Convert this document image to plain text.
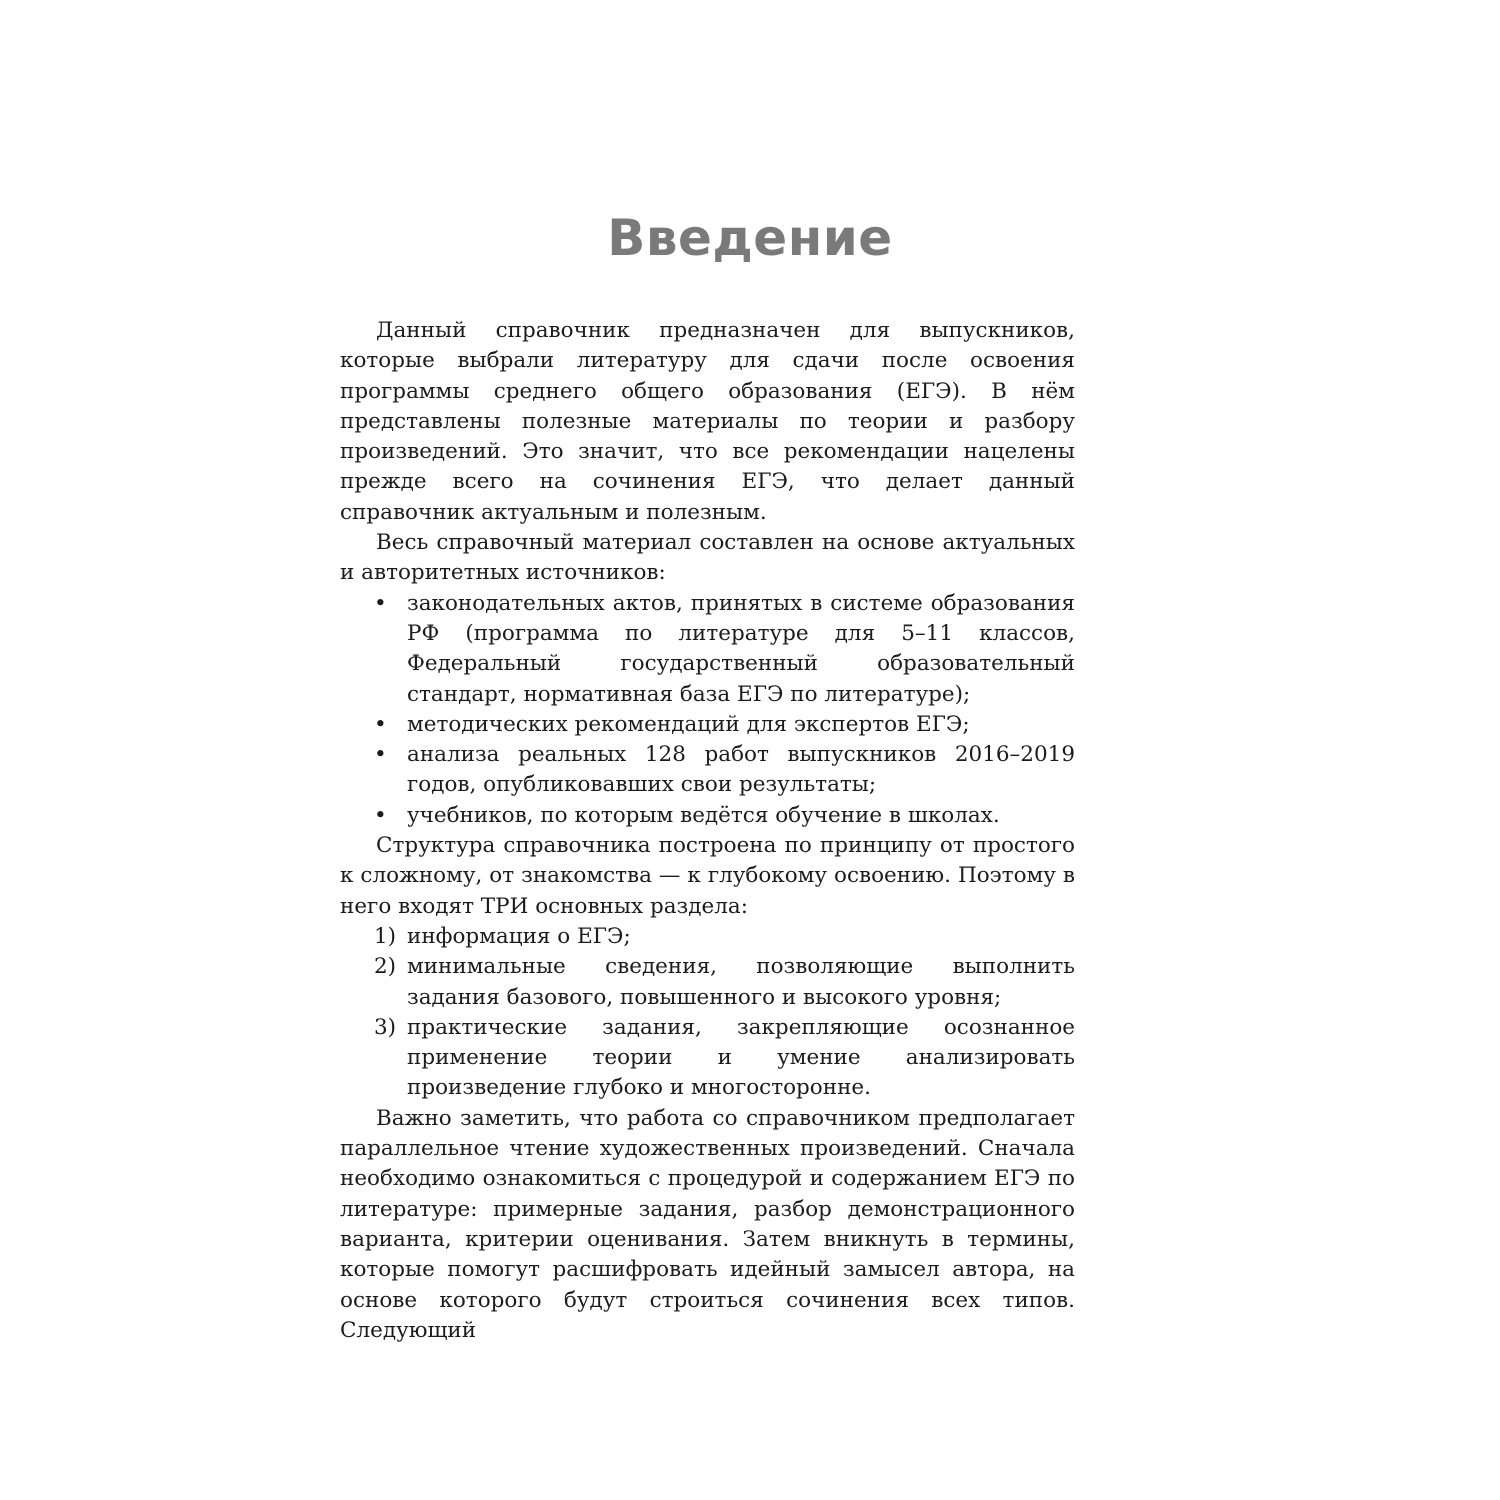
Введение

Данный справочник предназначен для выпускников, которые выбрали литературу для сдачи после освоения программы среднего общего образования (ЕГЭ). В нём представлены полезные материалы по теории и разбору произведений. Это значит, что все рекомендации нацелены прежде всего на сочинения ЕГЭ, что делает данный справочник актуальным и полезным.

Весь справочный материал составлен на основе актуальных и авторитетных источников:

• законодательных актов, принятых в системе образования РФ (программа по литературе для 5–11 классов, Федеральный государственный образовательный стандарт, нормативная база ЕГЭ по литературе);
• методических рекомендаций для экспертов ЕГЭ;
• анализа реальных 128 работ выпускников 2016–2019 годов, опубликовавших свои результаты;
• учебников, по которым ведётся обучение в школах.

Структура справочника построена по принципу от простого к сложному, от знакомства — к глубокому освоению. Поэтому в него входят ТРИ основных раздела:

1) информация о ЕГЭ;
2) минимальные сведения, позволяющие выполнить задания базового, повышенного и высокого уровня;
3) практические задания, закрепляющие осознанное применение теории и умение анализировать произведение глубоко и многосторонне.

Важно заметить, что работа со справочником предполагает параллельное чтение художественных произведений. Сначала необходимо ознакомиться с процедурой и содержанием ЕГЭ по литературе: примерные задания, разбор демонстрационного варианта, критерии оценивания. Затем вникнуть в термины, которые помогут расшифровать идейный замысел автора, на основе которого будут строиться сочинения всех типов. Следующий
